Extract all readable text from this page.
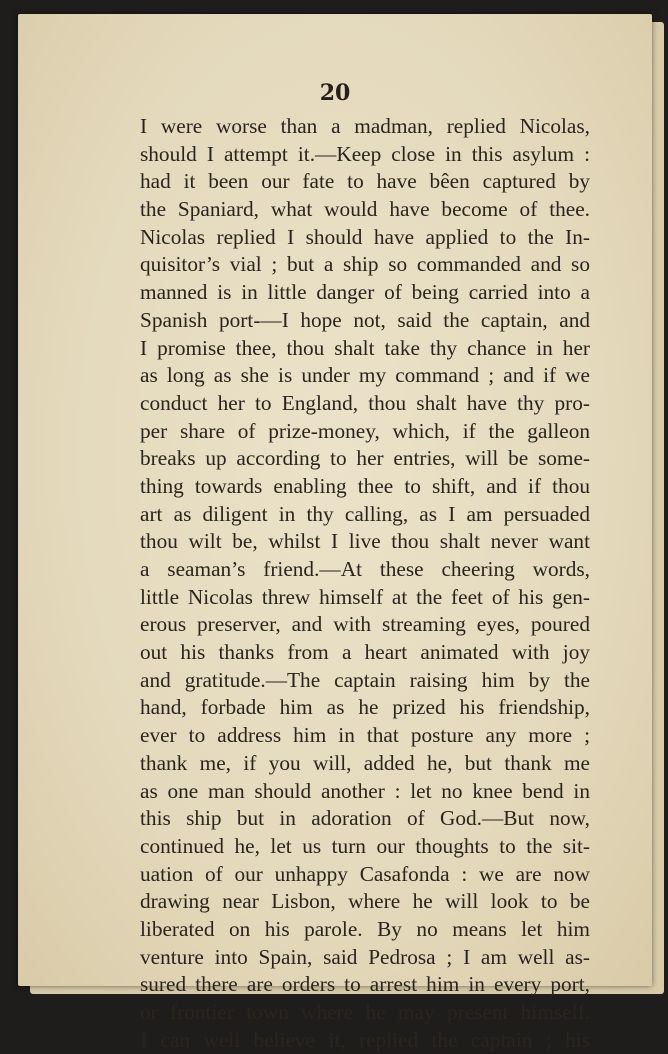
20
I were worse than a madman, replied Nicolas,
should I attempt it.—Keep close in this asylum :
had it been our fate to have bêen captured by
the Spaniard, what would have become of thee.
Nicolas replied I should have applied to the In-
quisitor’s vial ; but a ship so commanded and so
manned is in little danger of being carried into a
Spanish port-—I hope not, said the captain, and
I promise thee, thou shalt take thy chance in her
as long as she is under my command ; and if we
conduct her to England, thou shalt have thy pro-
per share of prize-money, which, if the galleon
breaks up according to her entries, will be some-
thing towards enabling thee to shift, and if thou
art as diligent in thy calling, as I am persuaded
thou wilt be, whilst I live thou shalt never want
a seaman’s friend.—At these cheering words,
little Nicolas threw himself at the feet of his gen-
erous preserver, and with streaming eyes, poured
out his thanks from a heart animated with joy
and gratitude.—The captain raising him by the
hand, forbade him as he prized his friendship,
ever to address him in that posture any more ;
thank me, if you will, added he, but thank me
as one man should another : let no knee bend in
this ship but in adoration of God.—But now,
continued he, let us turn our thoughts to the sit-
uation of our unhappy Casafonda : we are now
drawing near Lisbon, where he will look to be
liberated on his parole. By no means let him
venture into Spain, said Pedrosa ; I am well as-
sured there are orders to arrest him in every port,
or frontier town where he may present himself.
I can well believe it, replied the captain ; his
